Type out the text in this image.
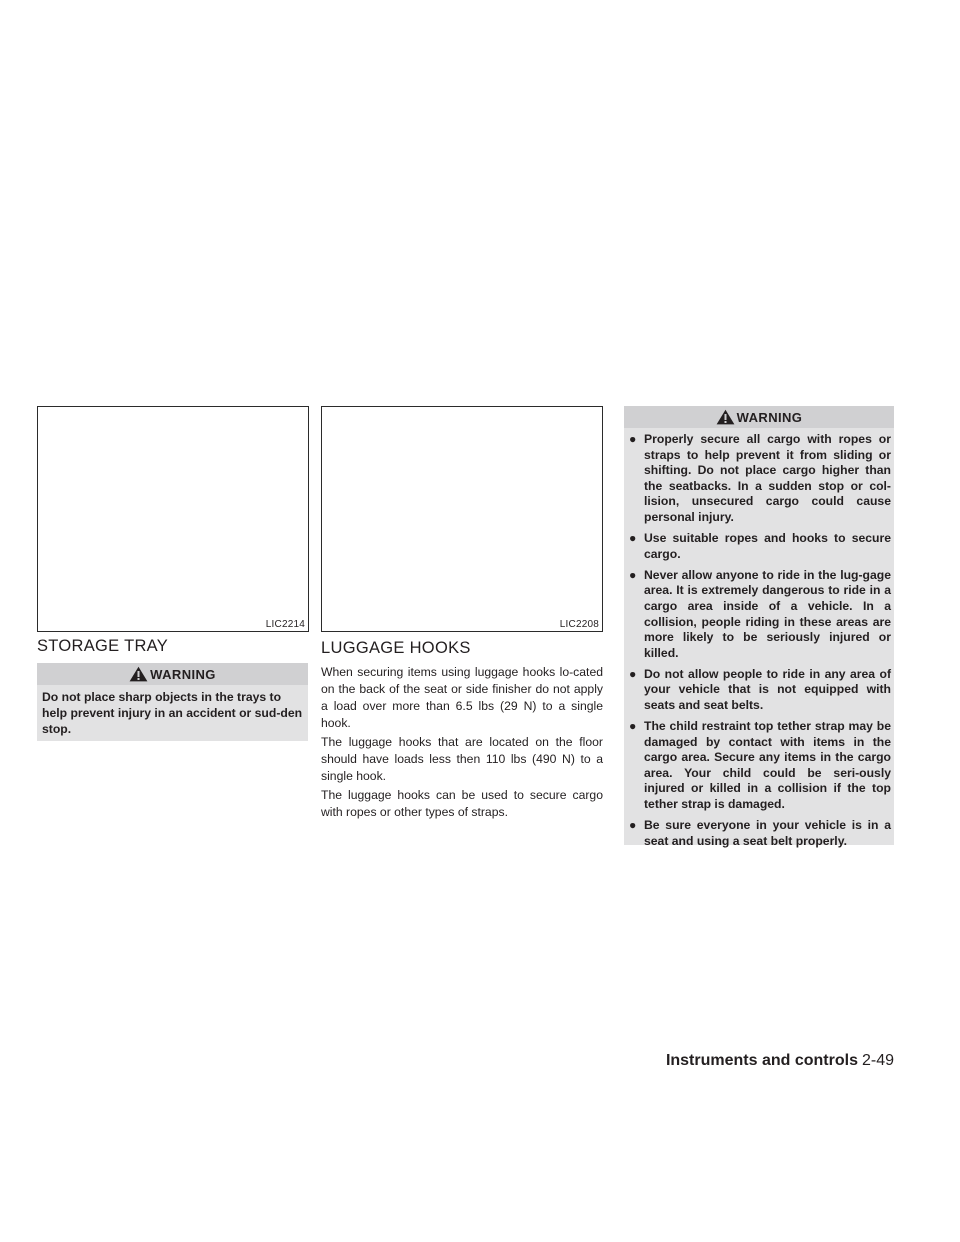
LIC2214
STORAGE TRAY
WARNING
Do not place sharp objects in the trays to help prevent injury in an accident or sud-den stop.
LIC2208
LUGGAGE HOOKS

When securing items using luggage hooks lo-cated on the back of the seat or side finisher do not apply a load over more than 6.5 lbs (29 N) to a single hook.

The luggage hooks that are located on the floor should have loads less then 110 lbs (490 N) to a single hook.

The luggage hooks can be used to secure cargo with ropes or other types of straps.

WARNING
● Properly secure all cargo with ropes or straps to help prevent it from sliding or shifting. Do not place cargo higher than the seatbacks. In a sudden stop or col-lision, unsecured cargo could cause personal injury.
● Use suitable ropes and hooks to secure cargo.
● Never allow anyone to ride in the lug-gage area. It is extremely dangerous to ride in a cargo area inside of a vehicle. In a collision, people riding in these areas are more likely to be seriously injured or killed.
● Do not allow people to ride in any area of your vehicle that is not equipped with seats and seat belts.
● The child restraint top tether strap may be damaged by contact with items in the cargo area. Secure any items in the cargo area. Your child could be seri-ously injured or killed in a collision if the top tether strap is damaged.
● Be sure everyone in your vehicle is in a seat and using a seat belt properly.
Instruments and controls 2-49
